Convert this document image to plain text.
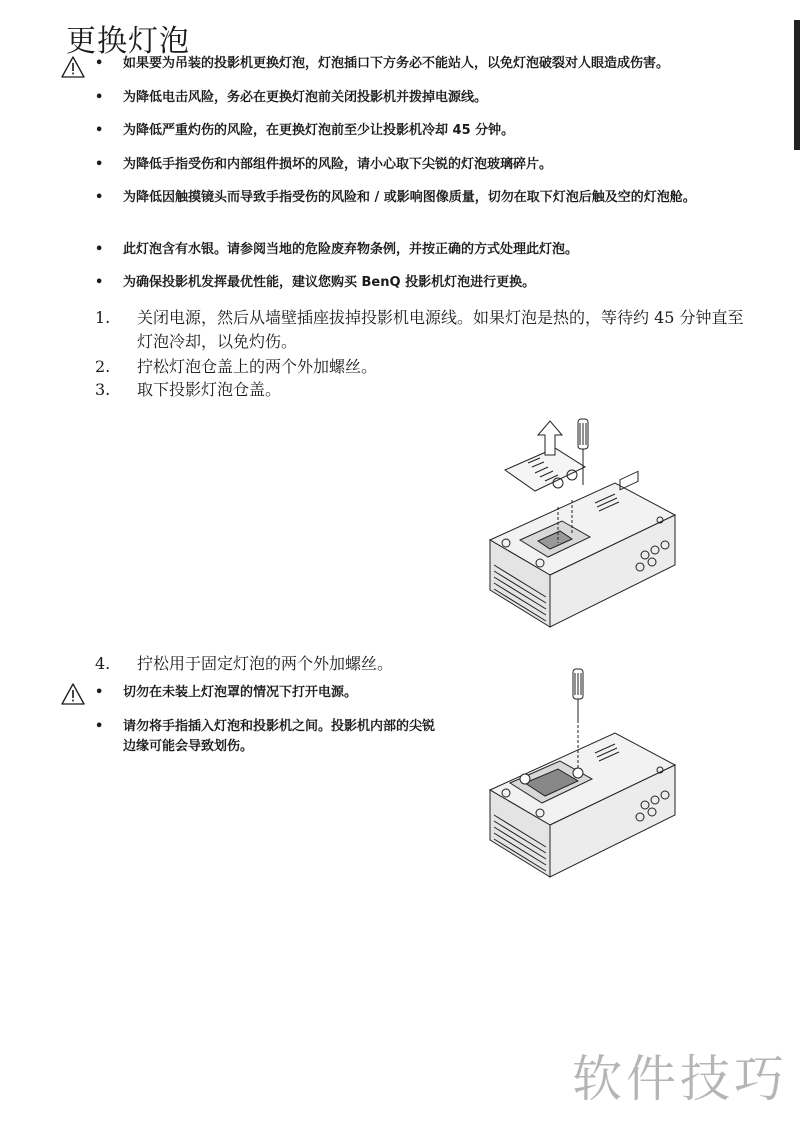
更换灯泡
•	如果要为吊装的投影机更换灯泡，灯泡插口下方务必不能站人，以免灯泡破裂对人眼造成伤害。
•	为降低电击风险，务必在更换灯泡前关闭投影机并拨掉电源线。
•	为降低严重灼伤的风险，在更换灯泡前至少让投影机冷却 45 分钟。
•	为降低手指受伤和内部组件损坏的风险，请小心取下尖锐的灯泡玻璃碎片。
•	为降低因触摸镜头而导致手指受伤的风险和 / 或影响图像质量，切勿在取下灯泡后触及空的灯泡舱。
•	此灯泡含有水银。请参阅当地的危险废弃物条例，并按正确的方式处理此灯泡。
•	为确保投影机发挥最优性能，建议您购买 BenQ 投影机灯泡进行更换。
1. 关闭电源，然后从墙壁插座拔掉投影机电源线。如果灯泡是热的，等待约 45 分钟直至灯泡冷却，以免灼伤。
2. 拧松灯泡仓盖上的两个外加螺丝。
3. 取下投影灯泡仓盖。
4. 拧松用于固定灯泡的两个外加螺丝。
•	切勿在未装上灯泡罩的情况下打开电源。
•	请勿将手指插入灯泡和投影机之间。投影机内部的尖锐边缘可能会导致划伤。
软件技巧
